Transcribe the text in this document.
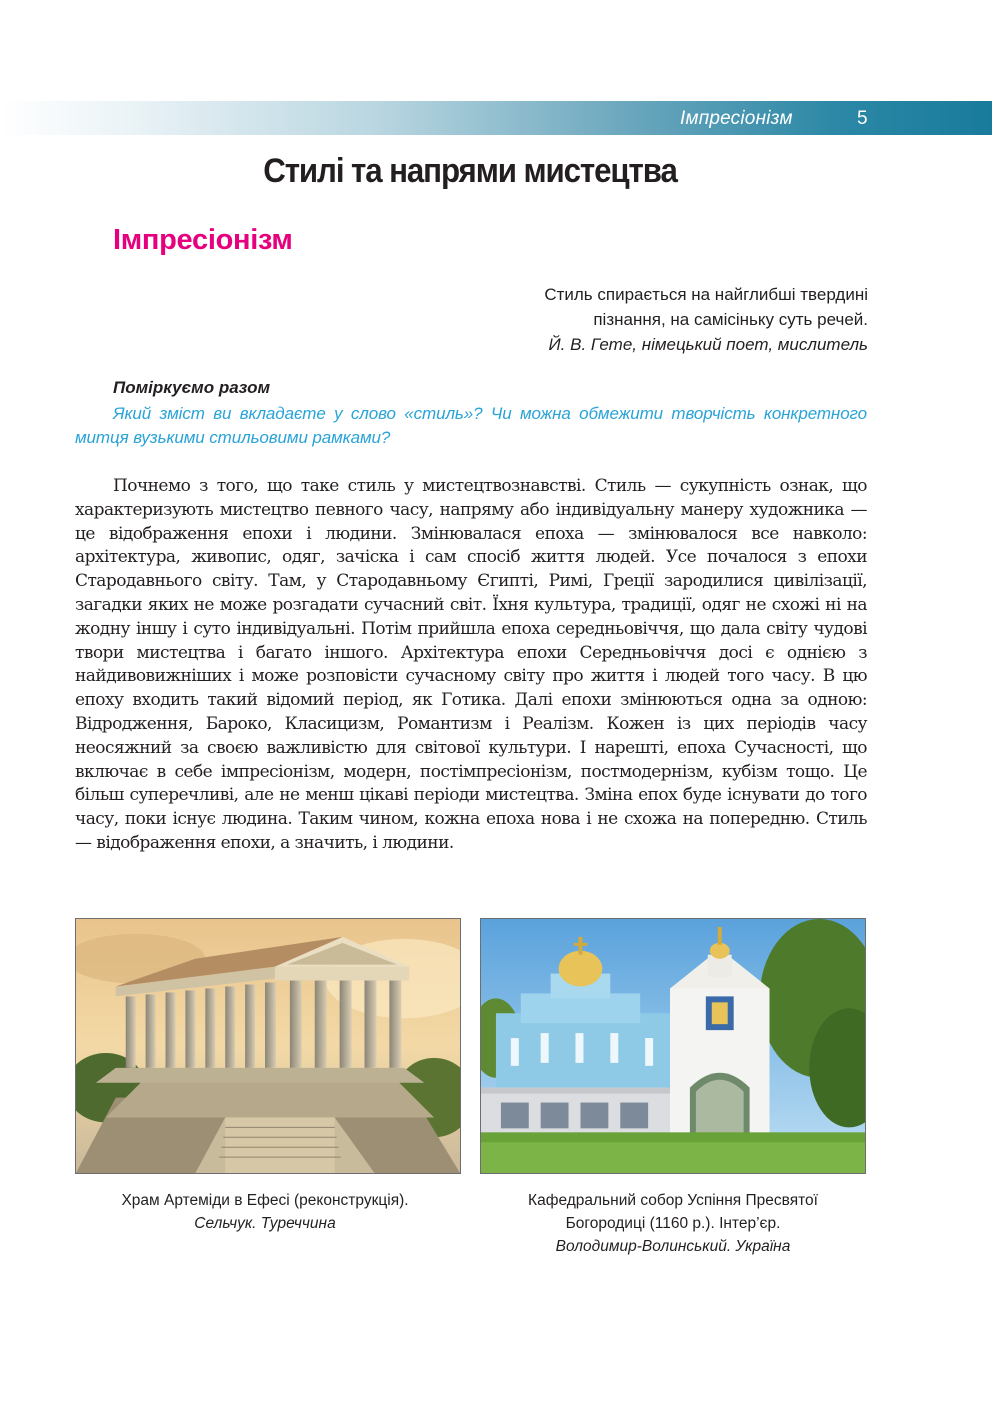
Імпресіонізм	5
Стилі та напрями мистецтва
Імпресіонізм
Стиль спирається на найглибші твердині
пізнання, на самісіньку суть речей.
Й. В. Гете, німецький поет, мислитель
Поміркуємо разом
Який зміст ви вкладаєте у слово «стиль»? Чи можна обмежити творчість конкретного митця вузькими стильовими рамками?

Почнемо з того, що таке стиль у мистецтвознавстві. Стиль — сукупність ознак, що характеризують мистецтво певного часу, напряму або індивідуальну манеру художника — це відображення епохи і людини. Змінювалася епоха — змінювалося все навколо: архітектура, живопис, одяг, зачіска і сам спосіб життя людей. Усе почалося з епохи Стародавнього світу. Там, у Стародавньому Єгипті, Римі, Греції зародилися цивілізації, загадки яких не може розгадати сучасний світ. Їхня культура, традиції, одяг не схожі ні на жодну іншу і суто індивідуальні. Потім прийшла епоха середньовіччя, що дала світу чудові твори мистецтва і багато іншого. Архітектура епохи Середньовіччя досі є однією з найдивовижніших і може розповісти сучасному світу про життя і людей того часу. В цю епоху входить такий відомий період, як Готика. Далі епохи змінюються одна за одною: Відродження, Бароко, Класицизм, Романтизм і Реалізм. Кожен із цих періодів часу неосяжний за своєю важливістю для світової культури. І нарешті, епоха Сучасності, що включає в себе імпресіонізм, модерн, постімпресіонізм, постмодернізм, кубізм тощо. Це більш суперечливі, але не менш цікаві періоди мистецтва. Зміна епох буде існувати до того часу, поки існує людина. Таким чином, кожна епоха нова і не схожа на попередню. Стиль — відображення епохи, а значить, і людини.

Храм Артеміди в Ефесі (реконструкція).
Сельчук. Туреччина
Кафедральний собор Успіння Пресвятої
Богородиці (1160 р.). Інтер’єр.
Володимир-Волинський. Україна
